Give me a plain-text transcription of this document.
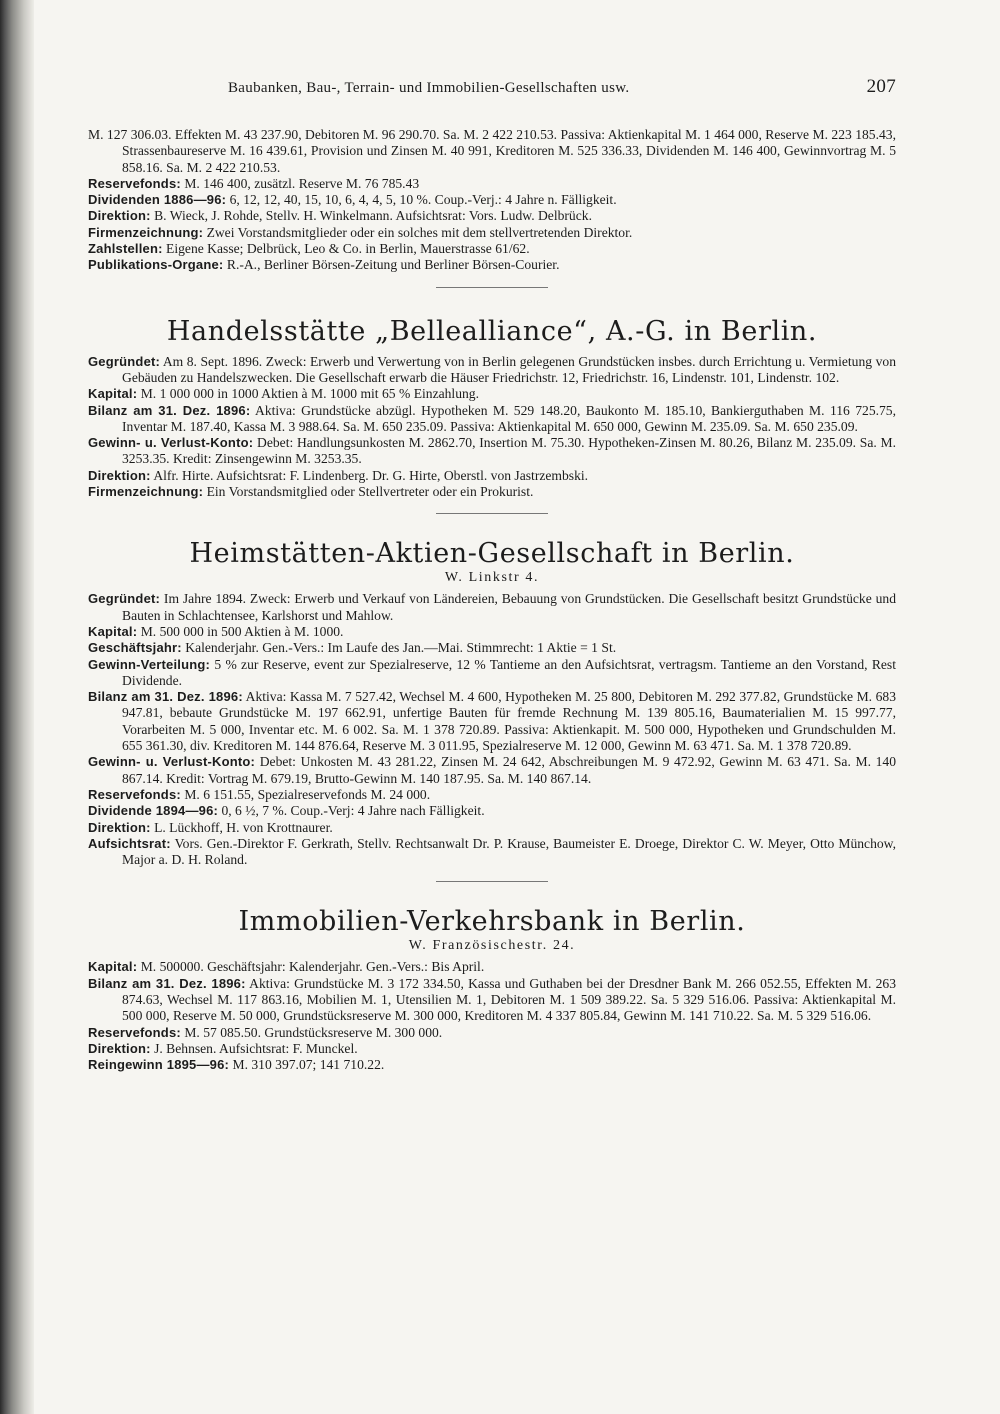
Baubanken, Bau-, Terrain- und Immobilien-Gesellschaften usw.	207

M. 127 306.03. Effekten M. 43 237.90, Debitoren M. 96 290.70. Sa. M. 2 422 210.53. Passiva: Aktienkapital M. 1 464 000, Reserve M. 223 185.43, Strassenbaureserve M. 16 439.61, Provision und Zinsen M. 40 991, Kreditoren M. 525 336.33, Dividenden M. 146 400, Gewinnvortrag M. 5 858.16. Sa. M. 2 422 210.53.

Reservefonds: M. 146 400, zusätzl. Reserve M. 76 785.43

Dividenden 1886—96: 6, 12, 12, 40, 15, 10, 6, 4, 4, 5, 10 %. Coup.-Verj.: 4 Jahre n. Fälligkeit.

Direktion: B. Wieck, J. Rohde, Stellv. H. Winkelmann. Aufsichtsrat: Vors. Ludw. Delbrück.

Firmenzeichnung: Zwei Vorstandsmitglieder oder ein solches mit dem stellvertretenden Direktor.

Zahlstellen: Eigene Kasse; Delbrück, Leo & Co. in Berlin, Mauerstrasse 61/62.

Publikations-Organe: R.-A., Berliner Börsen-Zeitung und Berliner Börsen-Courier.

Handelsstätte „Bellealliance“, A.-G. in Berlin.

Gegründet: Am 8. Sept. 1896. Zweck: Erwerb und Verwertung von in Berlin gelegenen Grundstücken insbes. durch Errichtung u. Vermietung von Gebäuden zu Handelszwecken. Die Gesellschaft erwarb die Häuser Friedrichstr. 12, Friedrichstr. 16, Lindenstr. 101, Lindenstr. 102.

Kapital: M. 1 000 000 in 1000 Aktien à M. 1000 mit 65 % Einzahlung.

Bilanz am 31. Dez. 1896: Aktiva: Grundstücke abzügl. Hypotheken M. 529 148.20, Baukonto M. 185.10, Bankierguthaben M. 116 725.75, Inventar M. 187.40, Kassa M. 3 988.64. Sa. M. 650 235.09. Passiva: Aktienkapital M. 650 000, Gewinn M. 235.09. Sa. M. 650 235.09.

Gewinn- u. Verlust-Konto: Debet: Handlungsunkosten M. 2862.70, Insertion M. 75.30. Hypotheken-Zinsen M. 80.26, Bilanz M. 235.09. Sa. M. 3253.35. Kredit: Zinsengewinn M. 3253.35.

Direktion: Alfr. Hirte. Aufsichtsrat: F. Lindenberg. Dr. G. Hirte, Oberstl. von Jastrzembski.

Firmenzeichnung: Ein Vorstandsmitglied oder Stellvertreter oder ein Prokurist.

Heimstätten-Aktien-Gesellschaft in Berlin.
W. Linkstr 4.

Gegründet: Im Jahre 1894. Zweck: Erwerb und Verkauf von Ländereien, Bebauung von Grundstücken. Die Gesellschaft besitzt Grundstücke und Bauten in Schlachtensee, Karlshorst und Mahlow.

Kapital: M. 500 000 in 500 Aktien à M. 1000.

Geschäftsjahr: Kalenderjahr. Gen.-Vers.: Im Laufe des Jan.—Mai. Stimmrecht: 1 Aktie = 1 St.

Gewinn-Verteilung: 5 % zur Reserve, event zur Spezialreserve, 12 % Tantieme an den Aufsichtsrat, vertragsm. Tantieme an den Vorstand, Rest Dividende.

Bilanz am 31. Dez. 1896: Aktiva: Kassa M. 7 527.42, Wechsel M. 4 600, Hypotheken M. 25 800, Debitoren M. 292 377.82, Grundstücke M. 683 947.81, bebaute Grundstücke M. 197 662.91, unfertige Bauten für fremde Rechnung M. 139 805.16, Baumaterialien M. 15 997.77, Vorarbeiten M. 5 000, Inventar etc. M. 6 002. Sa. M. 1 378 720.89. Passiva: Aktienkapit. M. 500 000, Hypotheken und Grundschulden M. 655 361.30, div. Kreditoren M. 144 876.64, Reserve M. 3 011.95, Spezialreserve M. 12 000, Gewinn M. 63 471. Sa. M. 1 378 720.89.

Gewinn- u. Verlust-Konto: Debet: Unkosten M. 43 281.22, Zinsen M. 24 642, Abschreibungen M. 9 472.92, Gewinn M. 63 471. Sa. M. 140 867.14. Kredit: Vortrag M. 679.19, Brutto-Gewinn M. 140 187.95. Sa. M. 140 867.14.

Reservefonds: M. 6 151.55, Spezialreservefonds M. 24 000.

Dividende 1894—96: 0, 6 ½, 7 %. Coup.-Verj: 4 Jahre nach Fälligkeit.

Direktion: L. Lückhoff, H. von Krottnaurer.

Aufsichtsrat: Vors. Gen.-Direktor F. Gerkrath, Stellv. Rechtsanwalt Dr. P. Krause, Baumeister E. Droege, Direktor C. W. Meyer, Otto Münchow, Major a. D. H. Roland.

Immobilien-Verkehrsbank in Berlin.
W. Französischestr. 24.

Kapital: M. 500000. Geschäftsjahr: Kalenderjahr. Gen.-Vers.: Bis April.

Bilanz am 31. Dez. 1896: Aktiva: Grundstücke M. 3 172 334.50, Kassa und Guthaben bei der Dresdner Bank M. 266 052.55, Effekten M. 263 874.63, Wechsel M. 117 863.16, Mobilien M. 1, Utensilien M. 1, Debitoren M. 1 509 389.22. Sa. 5 329 516.06. Passiva: Aktienkapital M. 500 000, Reserve M. 50 000, Grundstücksreserve M. 300 000, Kreditoren M. 4 337 805.84, Gewinn M. 141 710.22. Sa. M. 5 329 516.06.

Reservefonds: M. 57 085.50. Grundstücksreserve M. 300 000.

Direktion: J. Behnsen. Aufsichtsrat: F. Munckel.

Reingewinn 1895—96: M. 310 397.07; 141 710.22.
